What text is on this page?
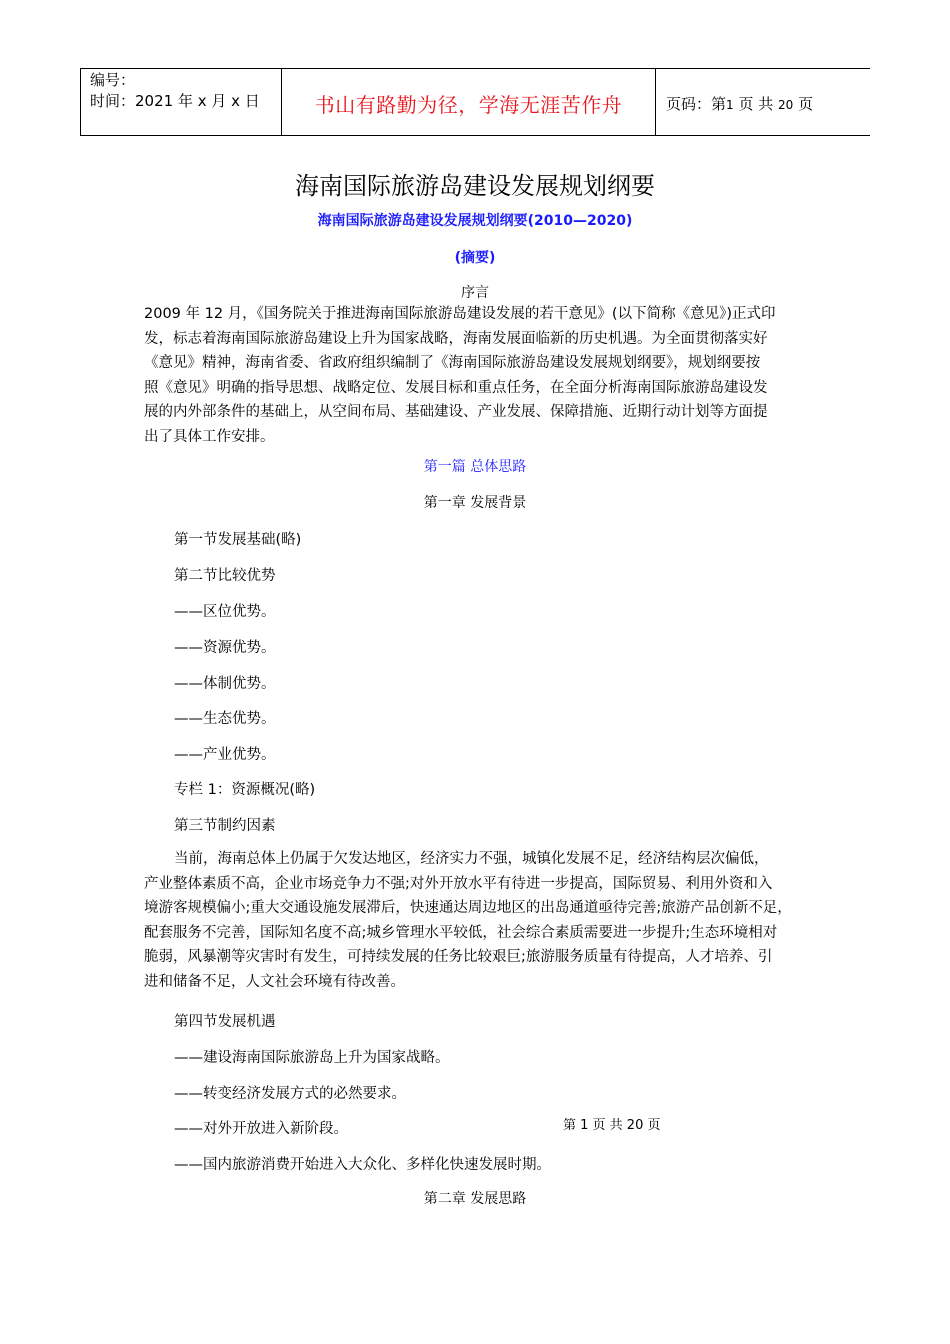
编号：
时间：2021 年 x 月 x 日	书山有路勤为径，学海无涯苦作舟	页码：第1 页 共 20 页
海南国际旅游岛建设发展规划纲要
海南国际旅游岛建设发展规划纲要(2010—2020)
(摘要)
序言
2009 年 12 月，《国务院关于推进海南国际旅游岛建设发展的若干意见》(以下简称《意见》)正式印
发，标志着海南国际旅游岛建设上升为国家战略，海南发展面临新的历史机遇。为全面贯彻落实好
《意见》精神，海南省委、省政府组织编制了《海南国际旅游岛建设发展规划纲要》，规划纲要按
照《意见》明确的指导思想、战略定位、发展目标和重点任务，在全面分析海南国际旅游岛建设发
展的内外部条件的基础上，从空间布局、基础建设、产业发展、保障措施、近期行动计划等方面提
出了具体工作安排。
第一篇 总体思路
第一章 发展背景
第一节发展基础(略)
第二节比较优势
——区位优势。
——资源优势。
——体制优势。
——生态优势。
——产业优势。
专栏 1：资源概况(略)
第三节制约因素
当前，海南总体上仍属于欠发达地区，经济实力不强，城镇化发展不足，经济结构层次偏低，
产业整体素质不高，企业市场竞争力不强;对外开放水平有待进一步提高，国际贸易、利用外资和入
境游客规模偏小;重大交通设施发展滞后，快速通达周边地区的出岛通道亟待完善;旅游产品创新不足，
配套服务不完善，国际知名度不高;城乡管理水平较低，社会综合素质需要进一步提升;生态环境相对
脆弱，风暴潮等灾害时有发生，可持续发展的任务比较艰巨;旅游服务质量有待提高，人才培养、引
进和储备不足，人文社会环境有待改善。
第四节发展机遇
——建设海南国际旅游岛上升为国家战略。
——转变经济发展方式的必然要求。
——对外开放进入新阶段。	第 1 页 共 20 页
——国内旅游消费开始进入大众化、多样化快速发展时期。
第二章 发展思路
